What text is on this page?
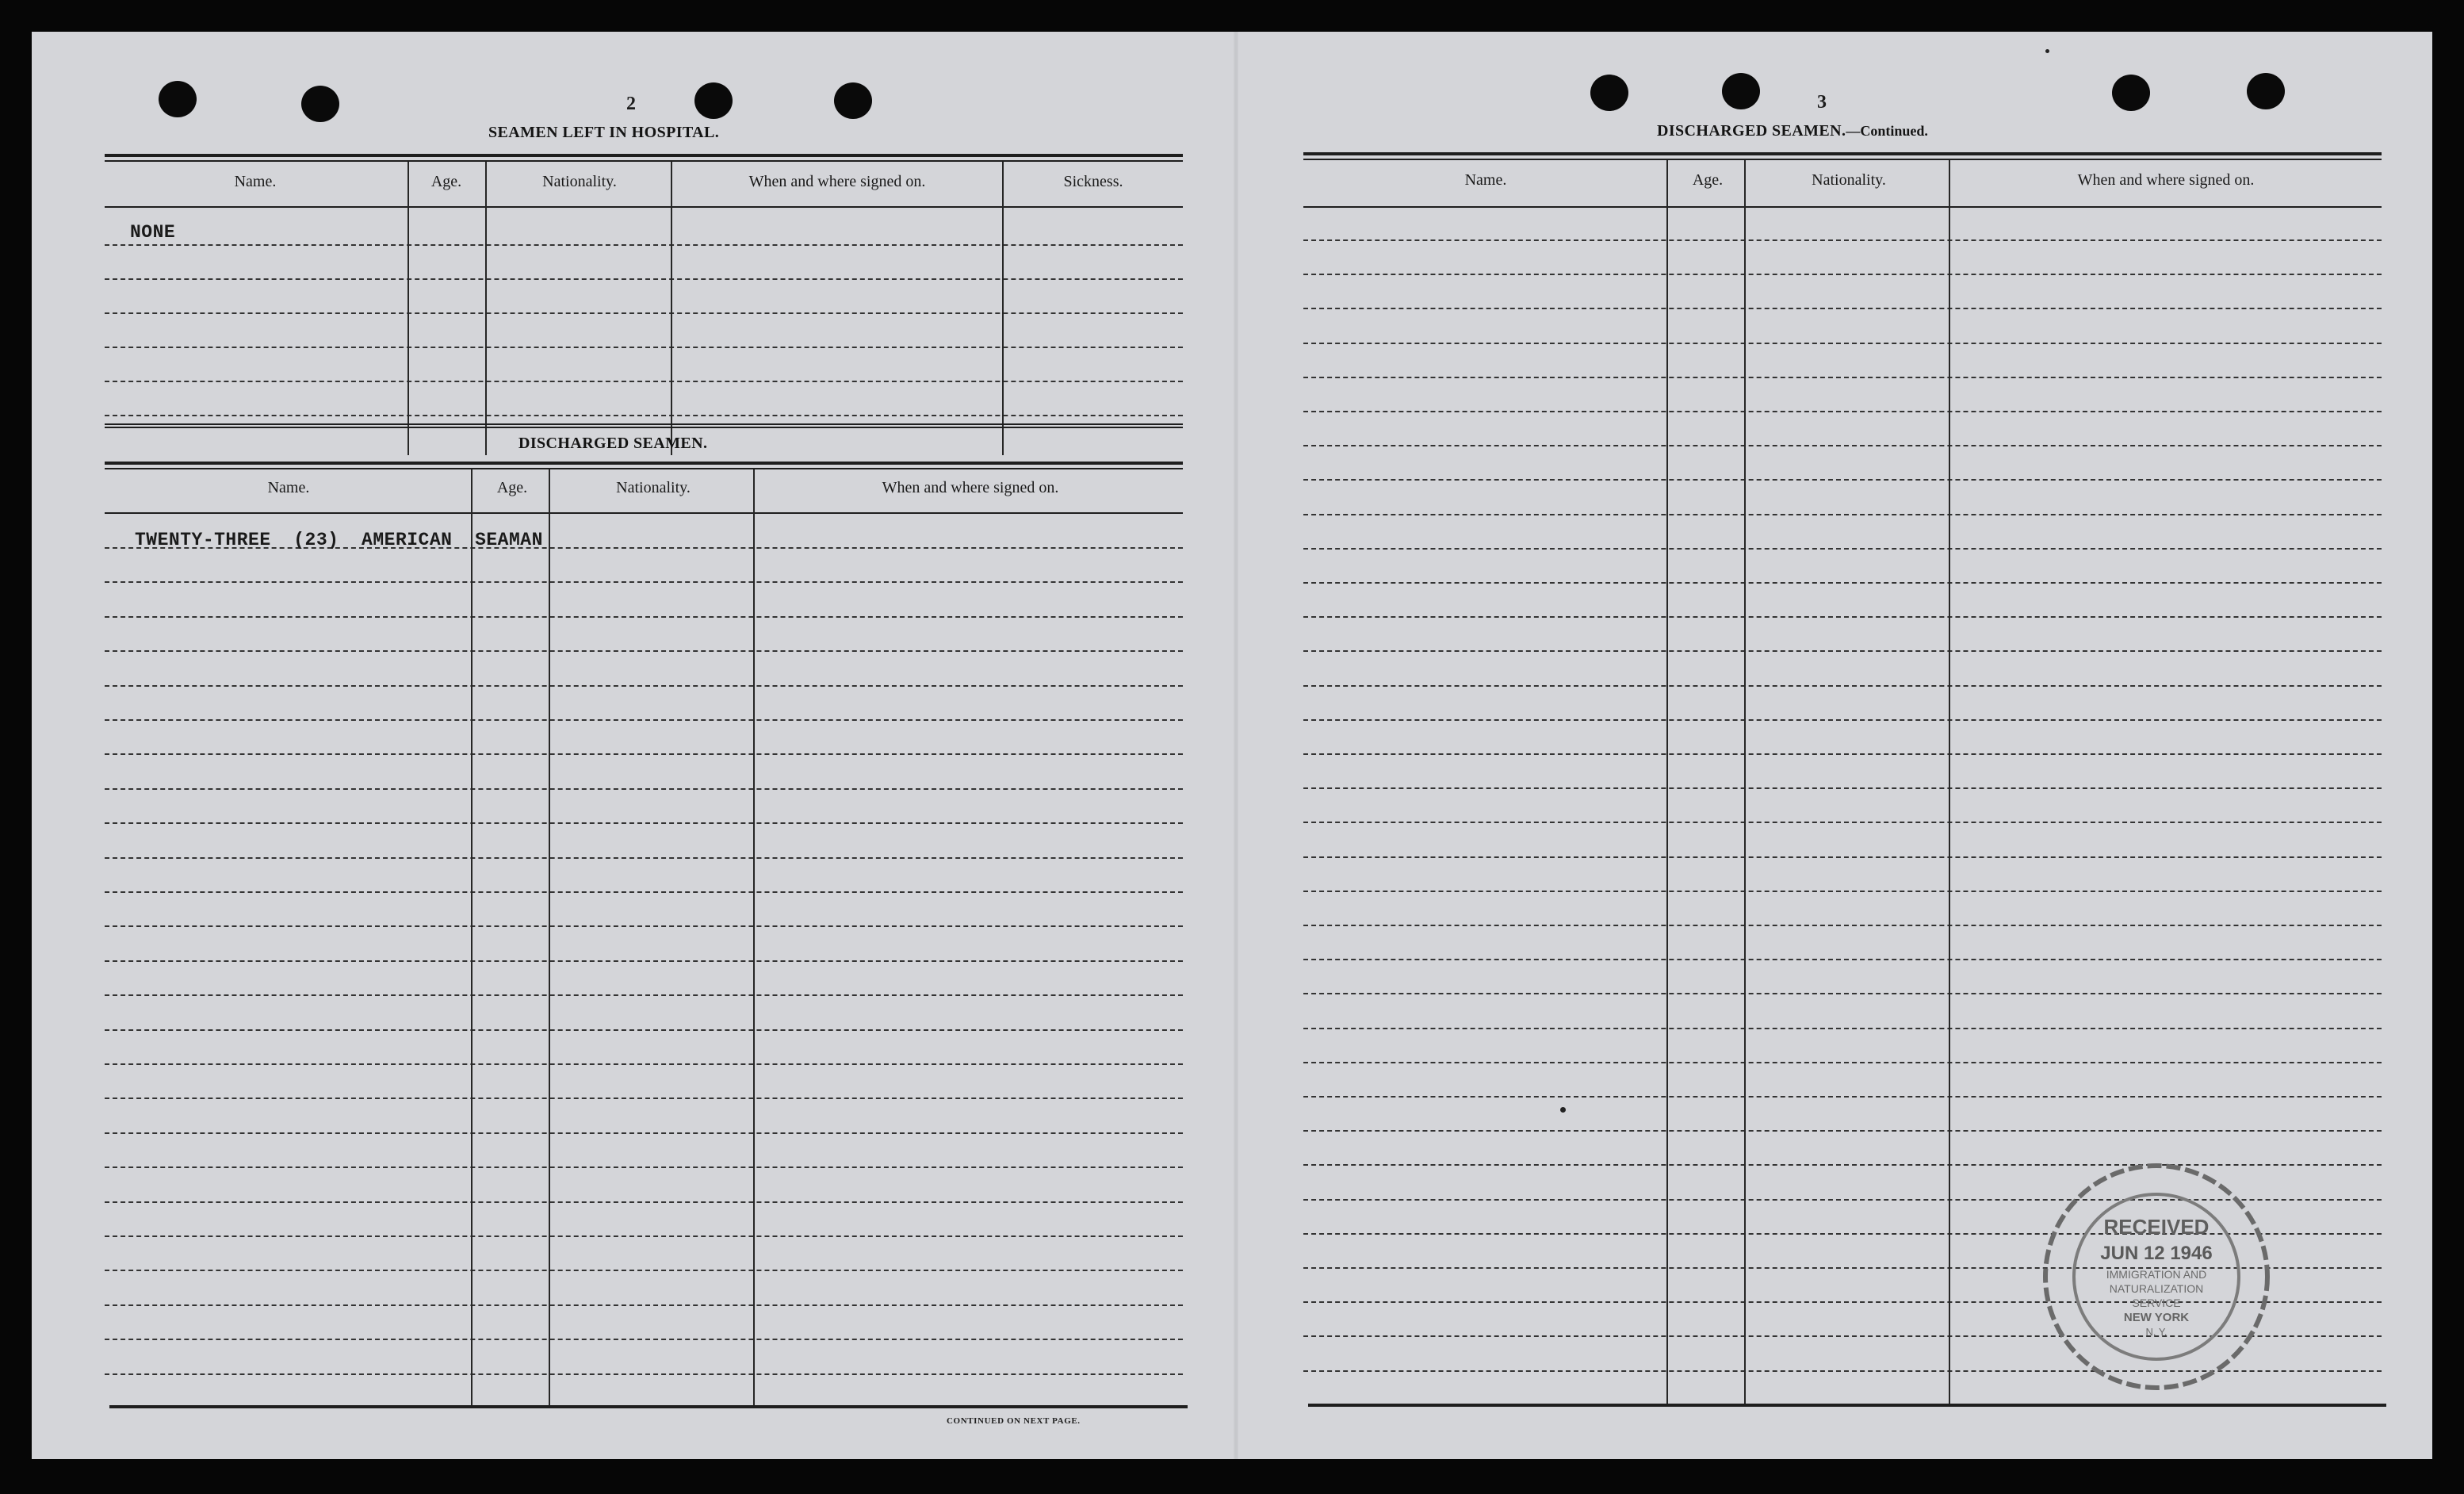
2
SEAMEN LEFT IN HOSPITAL.
Name.	Age.	Nationality.	When and where signed on.	Sickness.
NONE
DISCHARGED SEAMEN.
Name.	Age.	Nationality.	When and where signed on.
TWENTY-THREE  (23)  AMERICAN  SEAMAN
CONTINUED ON NEXT PAGE.
3
DISCHARGED SEAMEN.—Continued.
Name.	Age.	Nationality.	When and where signed on.
RECEIVED
JUN 12 1946
IMMIGRATION AND
NATURALIZATION
SERVICE
NEW YORK
N. Y.
